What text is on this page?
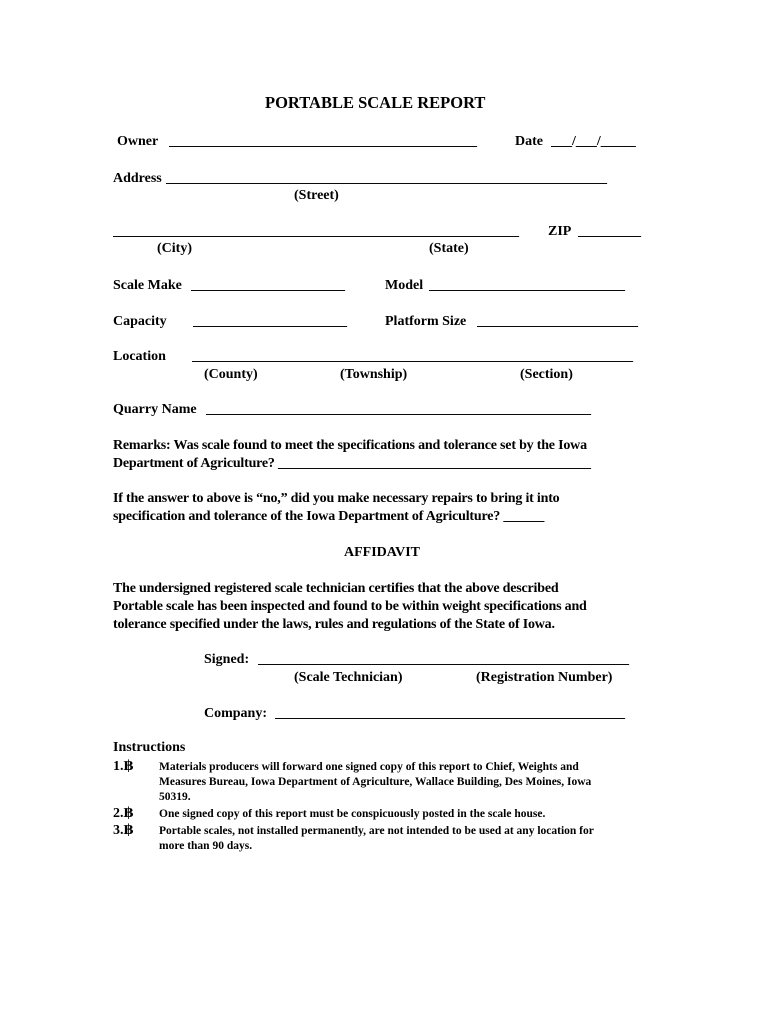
PORTABLE SCALE REPORT
Owner ____________________________________________	Date ___/___/_____
Address _______________________________________________________________
(Street)
__________________________________________________________	ZIP _________
(City)	(State)
Scale Make ______________________	Model ____________________________
Capacity ______________________	Platform Size _______________________
Location _______________________________________________________________
(County)	(Township)	(Section)
Quarry Name _______________________________________________________
Remarks: Was scale found to meet the specifications and tolerance set by the Iowa
Department of Agriculture? ______________________________________________
If the answer to above is “no,” did you make necessary repairs to bring it into
specification and tolerance of the Iowa Department of Agriculture? ______
AFFIDAVIT
The undersigned registered scale technician certifies that the above described
Portable scale has been inspected and found to be within weight specifications and
tolerance specified under the laws, rules and regulations of the State of Iowa.
Signed: _____________________________________________________
(Scale Technician)	(Registration Number)
Company: __________________________________________________
Instructions
1.฿ Materials producers will forward one signed copy of this report to Chief, Weights and
Measures Bureau, Iowa Department of Agriculture, Wallace Building, Des Moines, Iowa
50319.
2.฿ One signed copy of this report must be conspicuously posted in the scale house.
3.฿ Portable scales, not installed permanently, are not intended to be used at any location for
more than 90 days.
